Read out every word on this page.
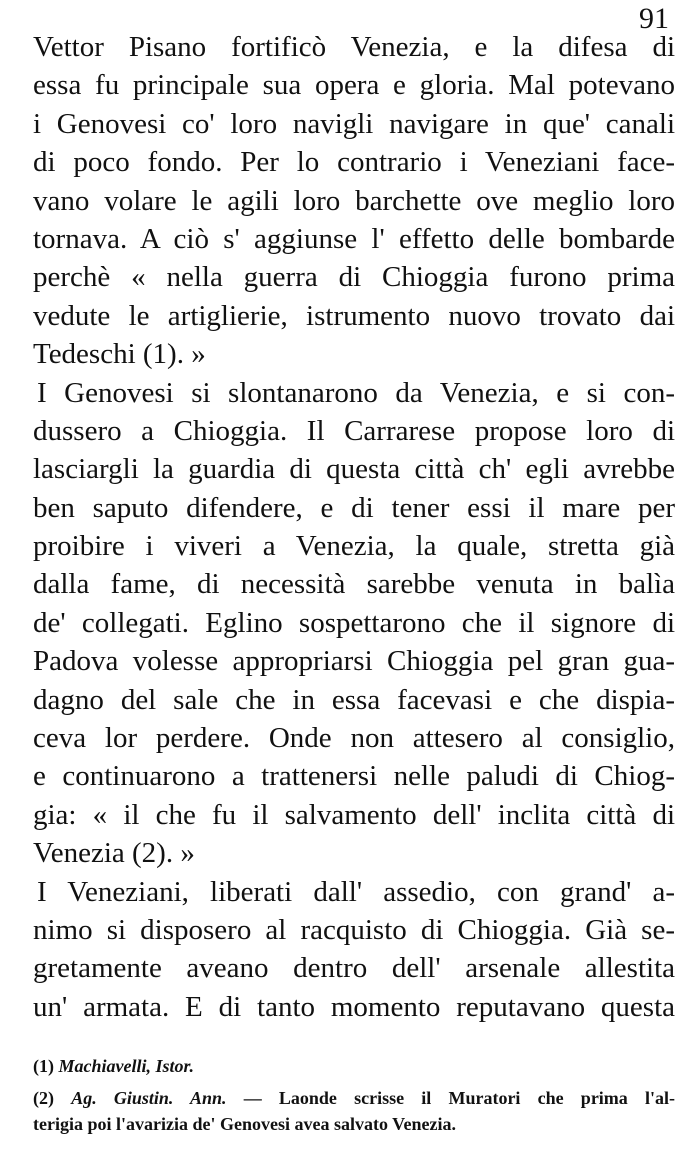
91

Vettor Pisano fortificò Venezia, e la difesa di
essa fu principale sua opera e gloria. Mal potevano
i Genovesi co' loro navigli navigare in que' canali
di poco fondo. Per lo contrario i Veneziani face-
vano volare le agili loro barchette ove meglio loro
tornava. A ciò s' aggiunse l' effetto delle bombarde
perchè « nella guerra di Chioggia furono prima
vedute le artiglierie, istrumento nuovo trovato dai
Tedeschi (1). »
I Genovesi si slontanarono da Venezia, e si con-
dussero a Chioggia. Il Carrarese propose loro di
lasciargli la guardia di questa città ch' egli avrebbe
ben saputo difendere, e di tener essi il mare per
proibire i viveri a Venezia, la quale, stretta già
dalla fame, di necessità sarebbe venuta in balìa
de' collegati. Eglino sospettarono che il signore di
Padova volesse appropriarsi Chioggia pel gran gua-
dagno del sale che in essa facevasi e che dispia-
ceva lor perdere. Onde non attesero al consiglio,
e continuarono a trattenersi nelle paludi di Chiog-
gia: « il che fu il salvamento dell' inclita città di
Venezia (2). »
I Veneziani, liberati dall' assedio, con grand' a-
nimo si disposero al racquisto di Chioggia. Già se-
gretamente aveano dentro dell' arsenale allestita
un' armata. E di tanto momento reputavano questa
(1) Machiavelli, Istor.
(2) Ag. Giustin. Ann. — Laonde scrisse il Muratori che prima l'al-
terigia poi l'avarizia de' Genovesi avea salvato Venezia.
